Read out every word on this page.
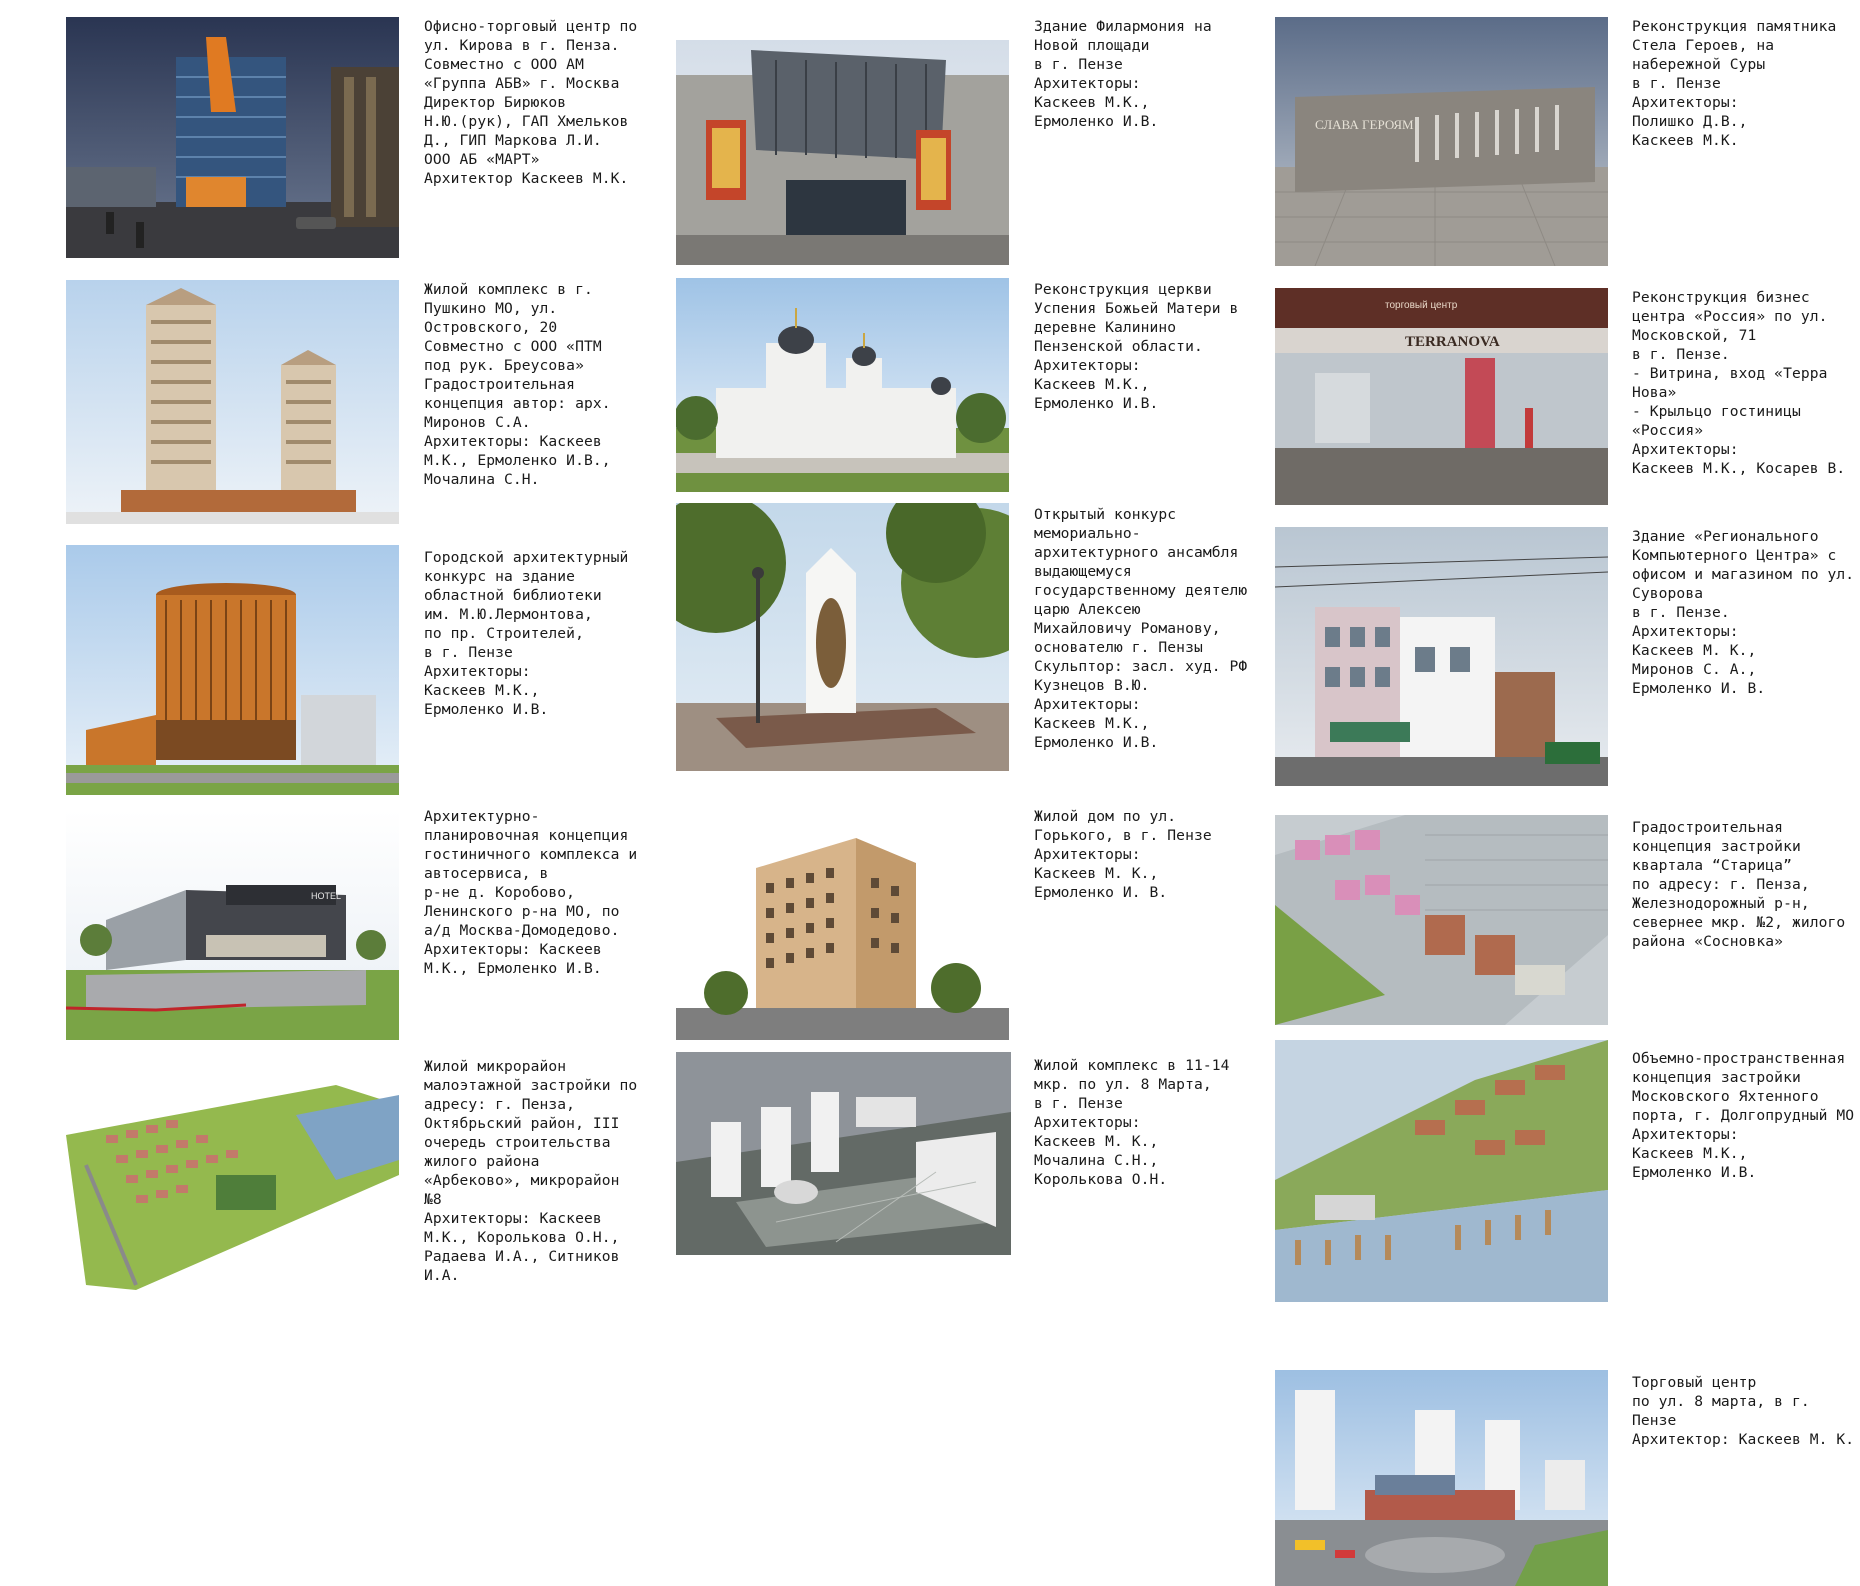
Офисно-торговый центр по
ул. Кирова в г. Пенза.
Совместно с ООО АМ
«Группа АБВ» г. Москва
Директор Бирюков
Н.Ю.(рук), ГАП Хмельков
Д., ГИП Маркова Л.И.
ООО АБ «МАРТ»
Архитектор Каскеев М.К.
Жилой комплекс в г.
Пушкино МО, ул.
Островского, 20
Совместно с ООО «ПТМ
под рук. Бреусова»
Градостроительная
концепция автор: арх.
Миронов С.А.
Архитекторы: Каскеев
М.К., Ермоленко И.В.,
Мочалина С.Н.
Городской архитектурный
конкурс на здание
областной библиотеки
им. М.Ю.Лермонтова,
по пр. Строителей,
в г. Пензе
Архитекторы:
Каскеев М.К.,
Ермоленко И.В.
HOTEL
Архитектурно-
планировочная концепция
гостиничного комплекса и
автосервиса, в
р-не д. Коробово,
Ленинского р-на МО, по
а/д Москва-Домодедово.
Архитекторы: Каскеев
М.К., Ермоленко И.В.
Жилой микрорайон
малоэтажной застройки по
адресу: г. Пенза,
Октябрьский район, III
очередь строительства
жилого района
«Арбеково», микрорайон
№8
Архитекторы: Каскеев
М.К., Королькова О.Н.,
Радаева И.А., Ситников
И.А.
Здание Филармония на
Новой площади
в г. Пензе
Архитекторы:
Каскеев М.К.,
Ермоленко И.В.
Реконструкция церкви
Успения Божьей Матери в
деревне Калинино
Пензенской области.
Архитекторы:
Каскеев М.К.,
Ермоленко И.В.
Открытый конкурс
мемориально-
архитектурного ансамбля
выдающемуся
государственному деятелю
царю Алексею
Михайловичу Романову,
основателю г. Пензы
Скульптор: засл. худ. РФ
Кузнецов В.Ю.
Архитекторы:
Каскеев М.К.,
Ермоленко И.В.
Жилой дом по ул.
Горького, в г. Пензе
Архитекторы:
Каскеев М. К.,
Ермоленко И. В.
Жилой комплекс в 11-14
мкр. по ул. 8 Марта,
в г. Пензе
Архитекторы:
Каскеев М. К.,
Мочалина С.Н.,
Королькова О.Н.
СЛАВА ГЕРОЯМ
Реконструкция памятника
Стела Героев, на
набережной Суры
в г. Пензе
Архитекторы:
Полишко Д.В.,
Каскеев М.К.
торговый центр
TERRANOVA
Реконструкция бизнес
центра «Россия» по ул.
Московской, 71
в г. Пензе.
- Витрина, вход «Терра
Нова»
- Крыльцо гостиницы
«Россия»
Архитекторы:
Каскеев М.К., Косарев В.
Здание «Регионального
Компьютерного Центра» с
офисом и магазином по ул.
Суворова
в г. Пензе.
Архитекторы:
Каскеев М. К.,
Миронов С. А.,
Ермоленко И. В.
Градостроительная
концепция застройки
квартала “Старица”
по адресу: г. Пенза,
Железнодорожный р-н,
севернее мкр. №2, жилого
района «Сосновка»
Объемно-пространственная
концепция застройки
Московского Яхтенного
порта, г. Долгопрудный МО
Архитекторы:
Каскеев М.К.,
Ермоленко И.В.
Торговый центр
по ул. 8 марта, в г. Пензе
Архитектор: Каскеев М. К.
